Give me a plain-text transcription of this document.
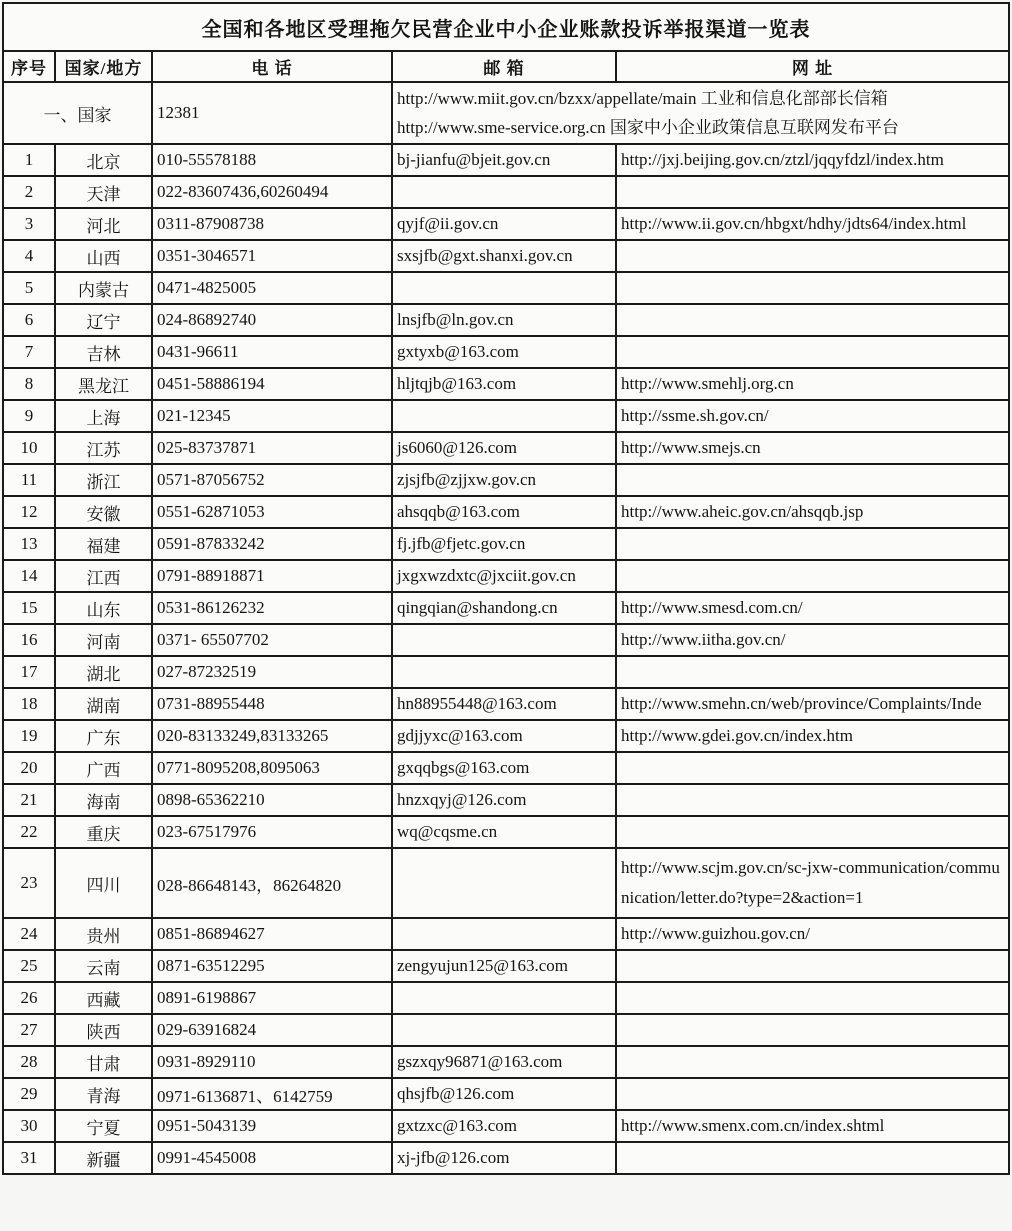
全国和各地区受理拖欠民营企业中小企业账款投诉举报渠道一览表				
序号	国家/地方	电 话	邮 箱	网 址
一、国家		12381	http://www.miit.gov.cn/bzxx/appellate/main 工业和信息化部部长信箱
http://www.sme-service.org.cn 国家中小企业政策信息互联网发布平台	

1	北京	010-55578188	bj-jianfu@bjeit.gov.cn	http://jxj.beijing.gov.cn/ztzl/jqqyfdzl/index.htm
2	天津	022-83607436,60260494		
3	河北	0311-87908738	qyjf@ii.gov.cn	http://www.ii.gov.cn/hbgxt/hdhy/jdts64/index.html
4	山西	0351-3046571	sxsjfb@gxt.shanxi.gov.cn	
5	内蒙古	0471-4825005		
6	辽宁	024-86892740	lnsjfb@ln.gov.cn	
7	吉林	0431-96611	gxtyxb@163.com	
8	黑龙江	0451-58886194	hljtqjb@163.com	http://www.smehlj.org.cn
9	上海	021-12345		http://ssme.sh.gov.cn/
10	江苏	025-83737871	js6060@126.com	http://www.smejs.cn
11	浙江	0571-87056752	zjsjfb@zjjxw.gov.cn	
12	安徽	0551-62871053	ahsqqb@163.com	http://www.aheic.gov.cn/ahsqqb.jsp
13	福建	0591-87833242	fj.jfb@fjetc.gov.cn	
14	江西	0791-88918871	jxgxwzdxtc@jxciit.gov.cn	
15	山东	0531-86126232	qingqian@shandong.cn	http://www.smesd.com.cn/
16	河南	0371- 65507702		http://www.iitha.gov.cn/
17	湖北	027-87232519		
18	湖南	0731-88955448	hn88955448@163.com	http://www.smehn.cn/web/province/Complaints/Inde
19	广东	020-83133249,83133265	gdjjyxc@163.com	http://www.gdei.gov.cn/index.htm
20	广西	0771-8095208,8095063	gxqqbgs@163.com	
21	海南	0898-65362210	hnzxqyj@126.com	
22	重庆	023-67517976	wq@cqsme.cn	
23	四川	028-86648143，86264820		http://www.scjm.gov.cn/sc-jxw-communication/communication/letter.do?type=2&action=1
24	贵州	0851-86894627		http://www.guizhou.gov.cn/
25	云南	0871-63512295	zengyujun125@163.com	
26	西藏	0891-6198867		
27	陕西	029-63916824		
28	甘肃	0931-8929110	gszxqy96871@163.com	
29	青海	0971-6136871、6142759	qhsjfb@126.com	
30	宁夏	0951-5043139	gxtzxc@163.com	http://www.smenx.com.cn/index.shtml
31	新疆	0991-4545008	xj-jfb@126.com	
